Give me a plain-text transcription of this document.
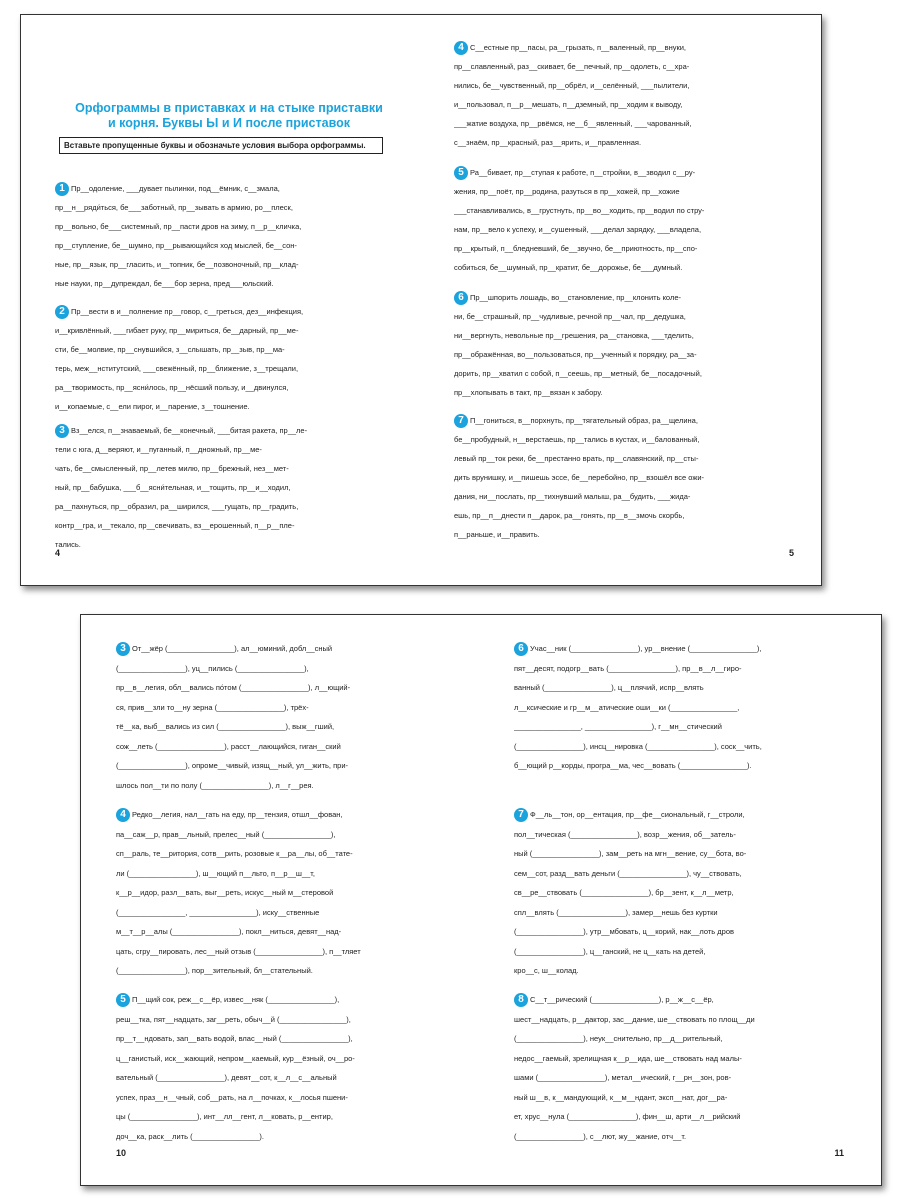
Орфограммы в приставках и на стыке приставки
и корня. Буквы Ы и И после приставок
Вставьте пропущенные буквы и обозначьте условия выбора орфограммы.
1 Пр__одоление, ___дувает пылинки, под__ёмник, с__змала,
пр__н__ряди́ться, бе___заботный, пр__зывать в армию, ро__плеск,
пр__вольно, бе___системный, пр__пасти дров на зиму, п__р__кличка,
пр__ступление, бе__шумно, пр__рывающийся ход мыслей, бе__сон-
ные, пр__язык, пр__гласить, и__топник, бе__позвоночный, пр__клад-
ные науки, пр__дупреждал, бе___бор зерна, пред___юльский.
2 Пр__вести в и__полнение пр__говор, с__греться, дез__инфекция,
и__кривлённый, ___гибает руку, пр__мириться, бе__дарный, пр__ме-
сти, бе__молвие, пр__снувшийся, з__слышать, пр__зыв, пр__ма-
терь, меж__нститутский, ___свежённый, пр__ближение, з__трещали,
ра__творимость, пр__ясни́лось, пр__нёсший пользу, и__двинулся,
и__копаемые, с__ели пирог, и__парение, з__тошнение.
3 Вз__елся, п__знаваемый, бе__конечный, ___битая ракета, пр__ле-
тели с юга, д__веряют, и__пуганный, п__дножный, пр__ме-
чать, бе__смысленный, пр__летев милю, пр__брежный, нез__мет-
ный, пр__бабушка, ___б__ясни́тельная, и__тощить, пр__и__ходил,
ра__пахнуться, пр__образил, ра__ширился, ___гущать, пр__градить,
контр__гра, и__текало, пр__свечивать, вз__ерошенный, п__р__пле-
тались.
4
4 С__естные пр__пасы, ра__грызать, п__валенный, пр__внуки,
пр__славленный, раз__скивает, бе__печный, пр__одолеть, с__хра-
нились, бе__чувственный, пр__обрёл, и__селённый, ___пылители,
и__пользовал, п__р__мешать, п__дземный, пр__ходим к выводу,
___жатие воздуха, пр__рвёмся, не__б__явленный, ___чарованный,
с__знаём, пр__красный, раз__ярить, и__правленная.
5 Ра__бивает, пр__ступая к работе, п__стройки, в__зводил с__ру-
жения, пр__поёт, пр__родина, разуться в пр__хожей, пр__хожие
___станавливались, в__грустнуть, пр__во__ходить, пр__водил по стру-
нам, пр__вело к успеху, и__сушенный, ___делал зарядку, ___владела,
пр__крытый, п__бледневший, бе__звучно, бе__приютность, пр__спо-
собиться, бе__шумный, пр__кратит, бе__дорожье, бе___думный.
6 Пр__шпорить лошадь, во__становление, пр__клонить коле-
ни, бе__страшный, пр__чудливые, речной пр__чал, пр__дедушка,
ни__вергнуть, невольные пр__грешения, ра__становка, ___тделить,
пр__ображённая, во__пользоваться, пр__ученный к порядку, ра__за-
дорить, пр__хватил с собой, п__сеешь, пр__метный, бе__посадочный,
пр__хлопывать в такт, пр__вязан к забору.
7 П__гониться, в__порхнуть, пр__тягательный образ, ра__щелина,
бе__пробудный, н__верстаешь, пр__тались в кустах, и__балованный,
левый пр__ток реки, бе__престанно врать, пр__славянский, пр__сты-
дить врунишку, и__пишешь эссе, бе__перебойно, пр__взошёл все ожи-
дания, ни__послать, пр__тихнувший малыш, ра__будить, ___жида-
ешь, пр__п__днести п__дарок, ра__гонять, пр__в__змочь скорбь,
п__раньше, и__править.
5
3 От__жёр (________________), ал__юминий, добл__сный
(________________), уц__пились (________________),
пр__в__легия, обл__вались по́том (________________), л__ющий-
ся, прив__зли то__ну зерна (________________), трёх-
тё__ка, выб__вались из сил (________________), выж__гший,
сож__леть (________________), расст__лающийся, гиган__ский
(________________), опроме__чивый, изящ__ный, ул__жить, при-
шлось пол__ти по полу (________________), л__г__рея.
4 Редко__легия, нал__гать на еду, пр__тензия, отшл__фован,
па__саж__р, прав__льный, прелес__ный (________________),
сп__раль, те__ритория, сотв__рить, розовые к__ра__лы, об__тате-
ли (________________), ш__ющий п__льто, п__р__ш__т,
к__р__идор, разл__вать, выг__реть, искус__ный м__стеровой
(________________, ________________), иску__ственные
м__т__р__алы (________________), покл__ниться, девят__над-
цать, сгру__пировать, лес__ный отзыв (________________), п__тляет
(________________), пор__зительный, бл__стательный.
5 П__щий сок, реж__с__ёр, извес__няк (________________),
реш__тка, пят__надцать, заг__реть, обыч__й (________________),
пр__т__ндовать, зап__вать водой, влас__ный (________________),
ц__ганистый, иск__жающий, непром__каемый, кур__ёзный, оч__ро-
вательный (________________), девят__сот, к__л__с__альный
успех, праз__н__чный, соб__рать, на л__почках, к__лосья пшени-
цы (________________), инт__лл__гент, л__ковать, р__ентир,
доч__ка, раск__лить (________________).
10
6 Учас__ник (________________), ур__внение (________________),
пят__десят, подогр__вать (________________), пр__в__л__гиро-
ванный (________________), ц__плячий, испр__влять
л__ксические и гр__м__атические оши__ки (________________,
________________, ________________), г__мн__стический
(________________), инсц__нировка (________________), соск__чить,
б__ющий р__корды, програ__ма, чес__вовать (________________).
7 Ф__ль__тон, ор__ентация, пр__фе__сиональный, г__строли,
пол__тическая (________________), возр__жения, об__затель-
ный (________________), зам__реть на мгн__вение, су__бота, во-
сем__сот, разд__вать деньги (________________), чу__ствовать,
св__ре__ствовать (________________), бр__зент, к__л__метр,
спл__влять (________________), замер__нешь без куртки
(________________), утр__мбовать, ц__корий, нак__лоть дров
(________________), ц__ганский, не ц__кать на детей,
кро__с, ш__колад.
8 С__т__рический (________________), р__ж__с__ёр,
шест__надцать, р__дактор, зас__дание, ше__ствовать по площ__ди
(________________), неук__снительно, пр__д__рительный,
недос__гаемый, зрелищная к__р__ида, ше__ствовать над малы-
шами (________________), метал__ический, г__рн__зон, ров-
ный ш__в, к__мандующий, к__м__ндант, эксп__нат, дог__ра-
ет, хрус__нула (________________), фин__ш, арти__л__рийский
(________________), с__лют, жу__жание, отч__т.
11
